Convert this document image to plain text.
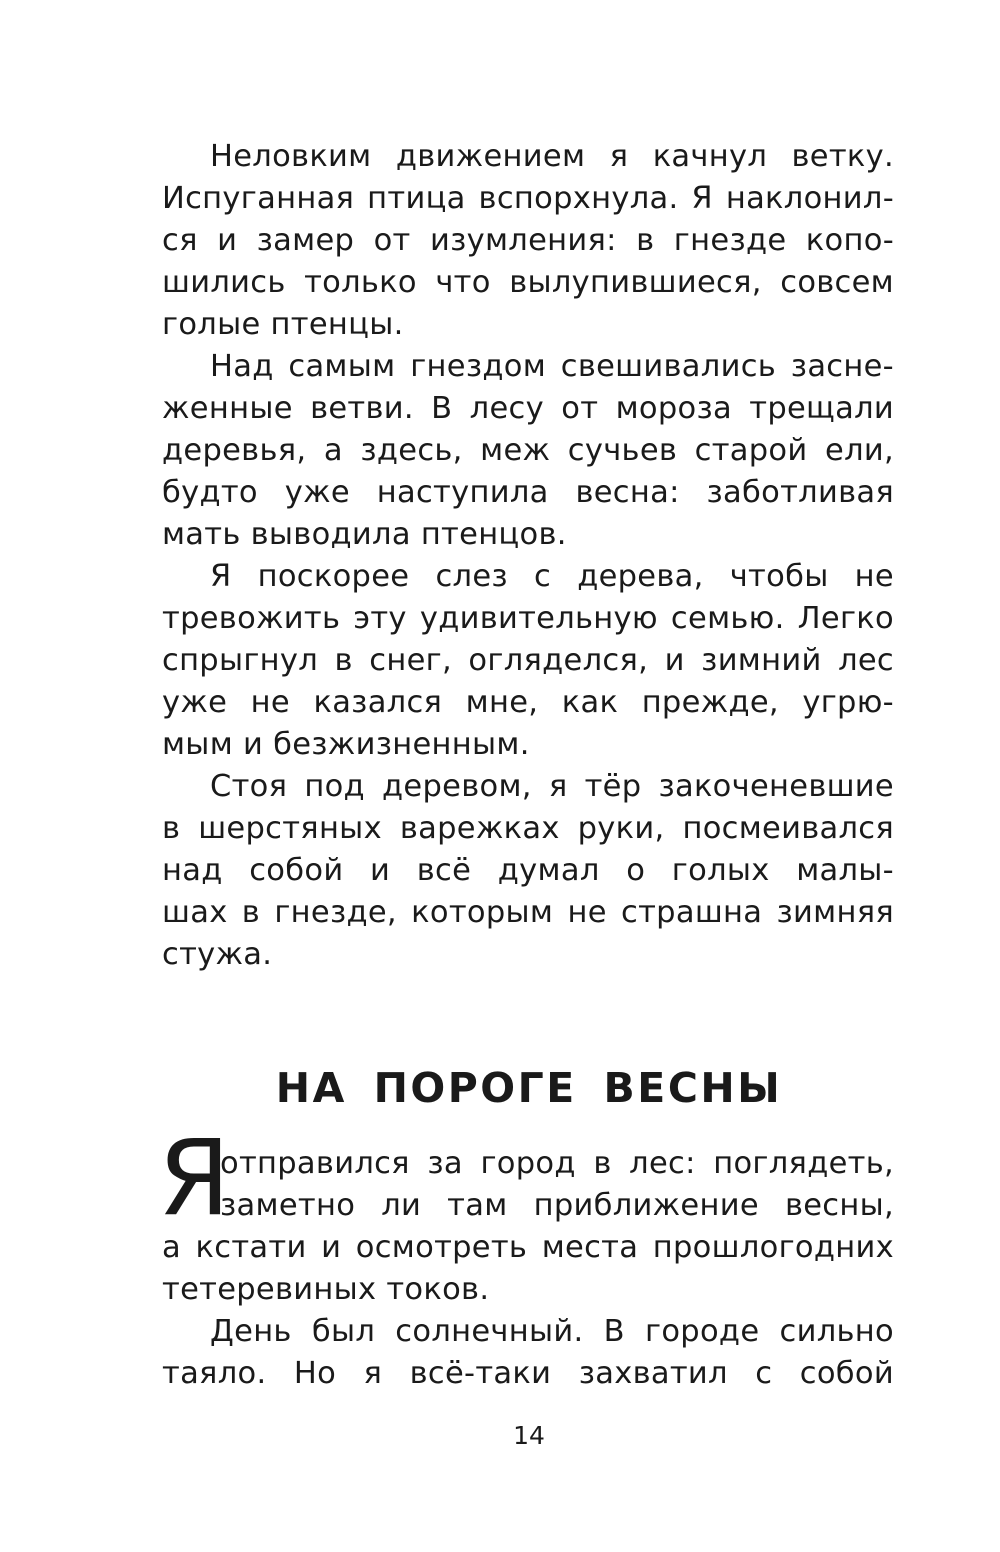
Неловким движением я качнул ветку.
Испуганная птица вспорхнула. Я наклонил-
ся и замер от изумления: в гнезде копо-
шились только что вылупившиеся, совсем
голые птенцы.
Над самым гнездом свешивались засне-
женные ветви. В лесу от мороза трещали
деревья, а здесь, меж сучьев старой ели,
будто уже наступила весна: заботливая
мать выводила птенцов.
Я поскорее слез с дерева, чтобы не
тревожить эту удивительную семью. Легко
спрыгнул в снег, огляделся, и зимний лес
уже не казался мне, как прежде, угрю-
мым и безжизненным.
Стоя под деревом, я тёр закоченевшие
в шерстяных варежках руки, посмеивался
над собой и всё думал о голых малы-
шах в гнезде, которым не страшна зимняя
стужа.
НА ПОРОГЕ ВЕСНЫ
Я
отправился за город в лес: поглядеть,
заметно ли там приближение весны,
а кстати и осмотреть места прошлогодних
тетеревиных токов.
День был солнечный. В городе сильно
таяло. Но я всё-таки захватил с собой
14
